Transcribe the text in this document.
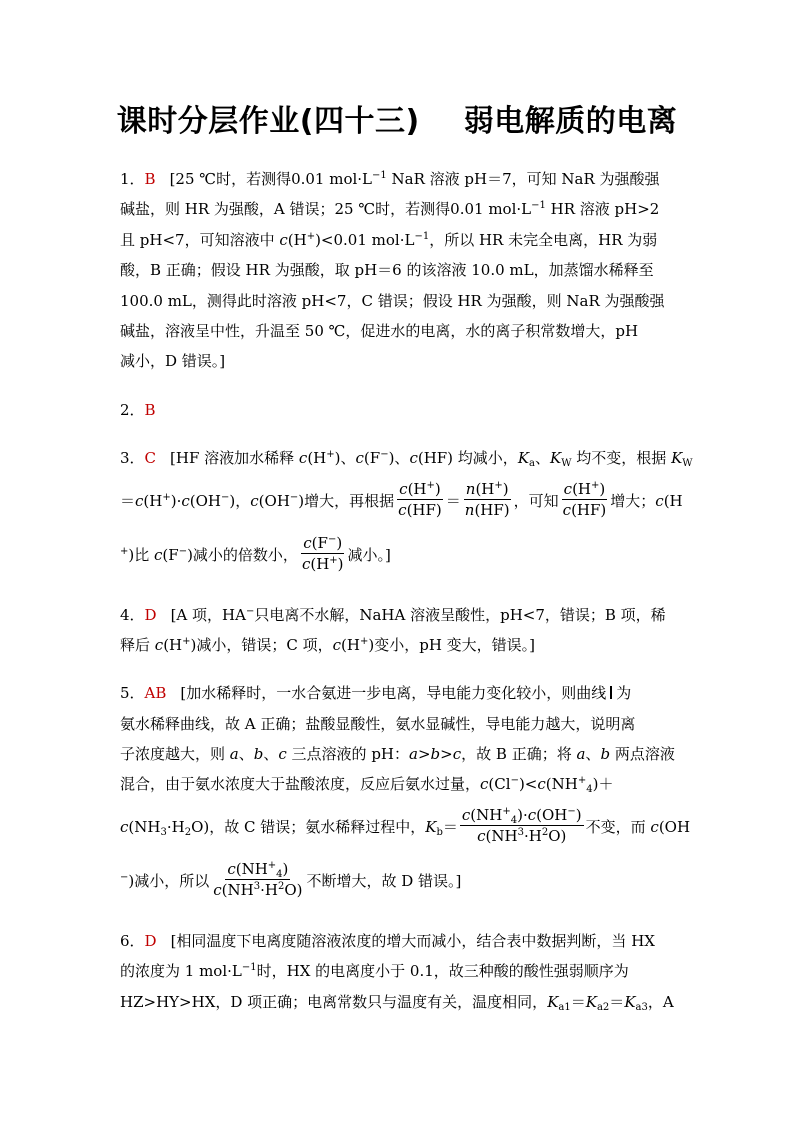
课时分层作业(四十三) 弱电解质的电离
1．B [25 ℃时，若测得0.01 $mol\cdot L^{-1}$ NaR 溶液 pH＝7，可知 NaR 为强酸强
碱盐，则 HR 为强酸，A 错误；25 ℃时，若测得0.01 $mol\cdot L^{-1}$ HR 溶液 pH>2
且 pH<7，可知溶液中 c(H+)<0.01 $mol\cdot L^{-1}$，所以 HR 未完全电离，HR 为弱
酸，B 正确；假设 HR 为强酸，取 pH＝6 的该溶液 10.0 mL，加蒸馏水稀释至
100.0 mL，测得此时溶液 pH<7，C 错误；假设 HR 为强酸，则 NaR 为强酸强
碱盐，溶液呈中性，升温至 50 ℃，促进水的电离，水的离子积常数增大，pH
减小，D 错误。]
2．B
3．C [HF 溶液加水稀释 c(H+)、c(F−)、c(HF) 均减小，$K_a$、$K_W$ 均不变，根据 $K_W$
＝c(H+)·c(OH−)，c(OH−)增大，再根据 $\frac{c(H^+)}{c(HF)} = \frac{n(H^+)}{n(HF)}$ ，可知 $\frac{c(H^+)}{c(HF)}$ 增大；c(H
+)比 c(F−)减小的倍数小， $\frac{c(F^-)}{c(H^+)}$ 减小。]
4．D [A 项，HA−只电离不水解，NaHA 溶液呈酸性，pH<7，错误；B 项，稀
释后 c(H+)减小，错误；C 项，c(H+)变小，pH 变大，错误。]
5．AB [加水稀释时，一水合氨进一步电离，导电能力变化较小，则曲线 为
氨水稀释曲线，故 A 正确；盐酸显酸性，氨水显碱性，导电能力越大，说明离
子浓度越大，则 a、b、c 三点溶液的 pH：a>b>c，故 B 正确；将 a、b 两点溶液
混合，由于氨水浓度大于盐酸浓度，反应后氨水过量，$c(Cl^-)<c(NH^+_4)+$
$c(NH_3\cdot H_2O)$，故 C 错误；氨水稀释过程中，$K_b= \frac{c(NH^+_4)\cdot c(OH^-)}{c(NH^3\cdot H^2O)}$ 不变，而 c(OH
−)减小，所以 $\frac{c(NH^+_4)}{c(NH^3\cdot H^2O)}$ 不断增大，故 D 错误。]
6．D [相同温度下电离度随溶液浓度的增大而减小，结合表中数据判断，当 HX
的浓度为 1 $mol\cdot L^{-1}$时，HX 的电离度小于 0.1，故三种酸的酸性强弱顺序为
HZ>HY>HX，D 项正确；电离常数只与温度有关，温度相同，$K_{a1}=K_{a2}=K_{a3}$，A
